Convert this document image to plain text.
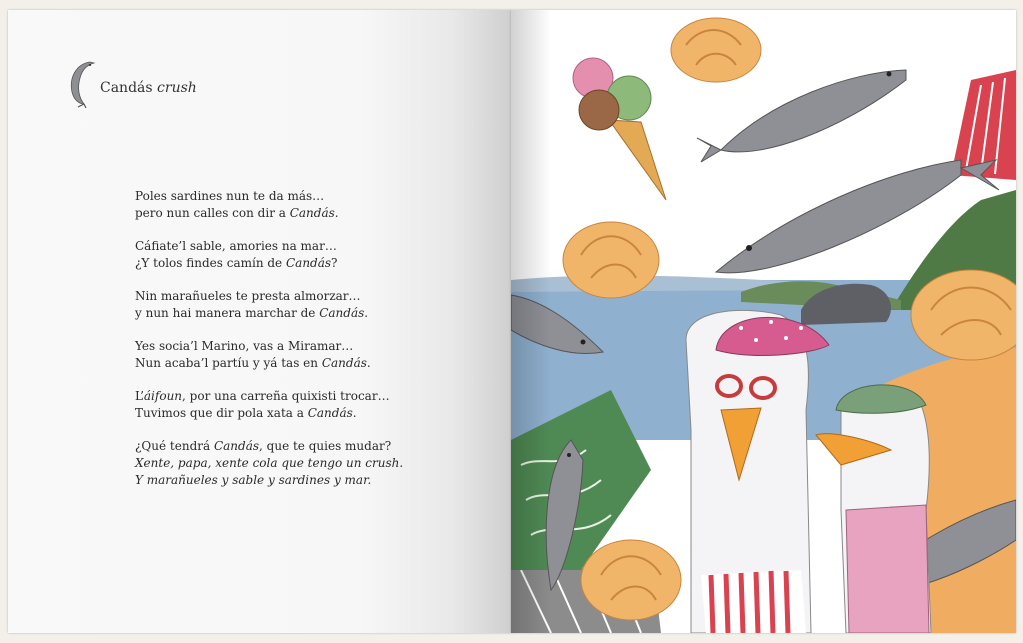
Candás crush
Poles sardines nun te da más…
pero nun calles con dir a Candás.
Cáfiate’l sable, amories na mar…
¿Y tolos findes camín de Candás?
Nin marañueles te presta almorzar…
y nun hai manera marchar de Candás.
Yes socia’l Marino, vas a Miramar…
Nun acaba’l partíu y yá tas en Candás.
L’áifoun, por una carreña quixisti trocar…
Tuvimos que dir pola xata a Candás.
¿Qué tendrá Candás, que te quies mudar?
Xente, papa, xente cola que tengo un crush.
Y marañueles y sable y sardines y mar.
